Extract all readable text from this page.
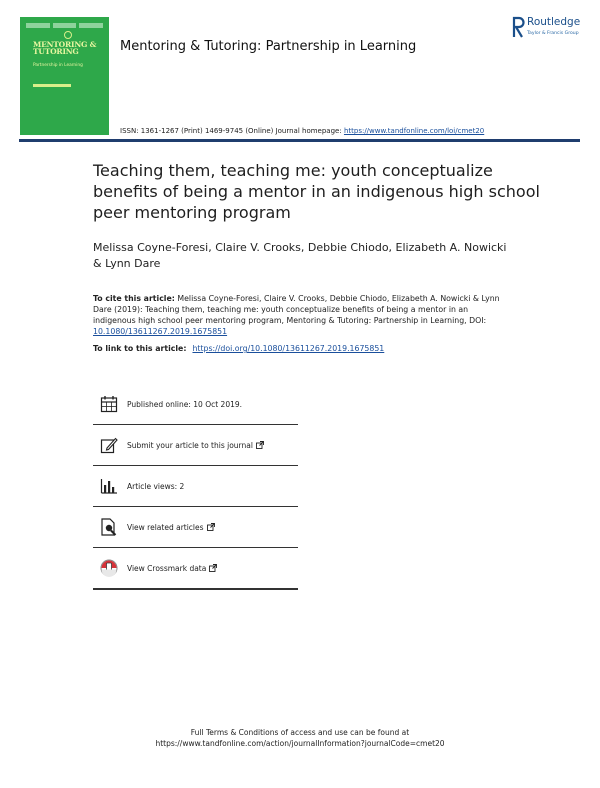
MENTORING & TUTORING
Partnership in Learning
Mentoring & Tutoring: Partnership in Learning
Routledge
Taylor & Francis Group
ISSN: 1361-1267 (Print) 1469-9745 (Online) Journal homepage: https://www.tandfonline.com/loi/cmet20
Teaching them, teaching me: youth conceptualize benefits of being a mentor in an indigenous high school peer mentoring program
Melissa Coyne-Foresi, Claire V. Crooks, Debbie Chiodo, Elizabeth A. Nowicki & Lynn Dare
To cite this article: Melissa Coyne-Foresi, Claire V. Crooks, Debbie Chiodo, Elizabeth A. Nowicki & Lynn Dare (2019): Teaching them, teaching me: youth conceptualize benefits of being a mentor in an indigenous high school peer mentoring program, Mentoring & Tutoring: Partnership in Learning, DOI: 10.1080/13611267.2019.1675851
To link to this article: https://doi.org/10.1080/13611267.2019.1675851
Published online: 10 Oct 2019.
Submit your article to this journal
Article views: 2
View related articles
View Crossmark data
Full Terms & Conditions of access and use can be found at
https://www.tandfonline.com/action/journalInformation?journalCode=cmet20
